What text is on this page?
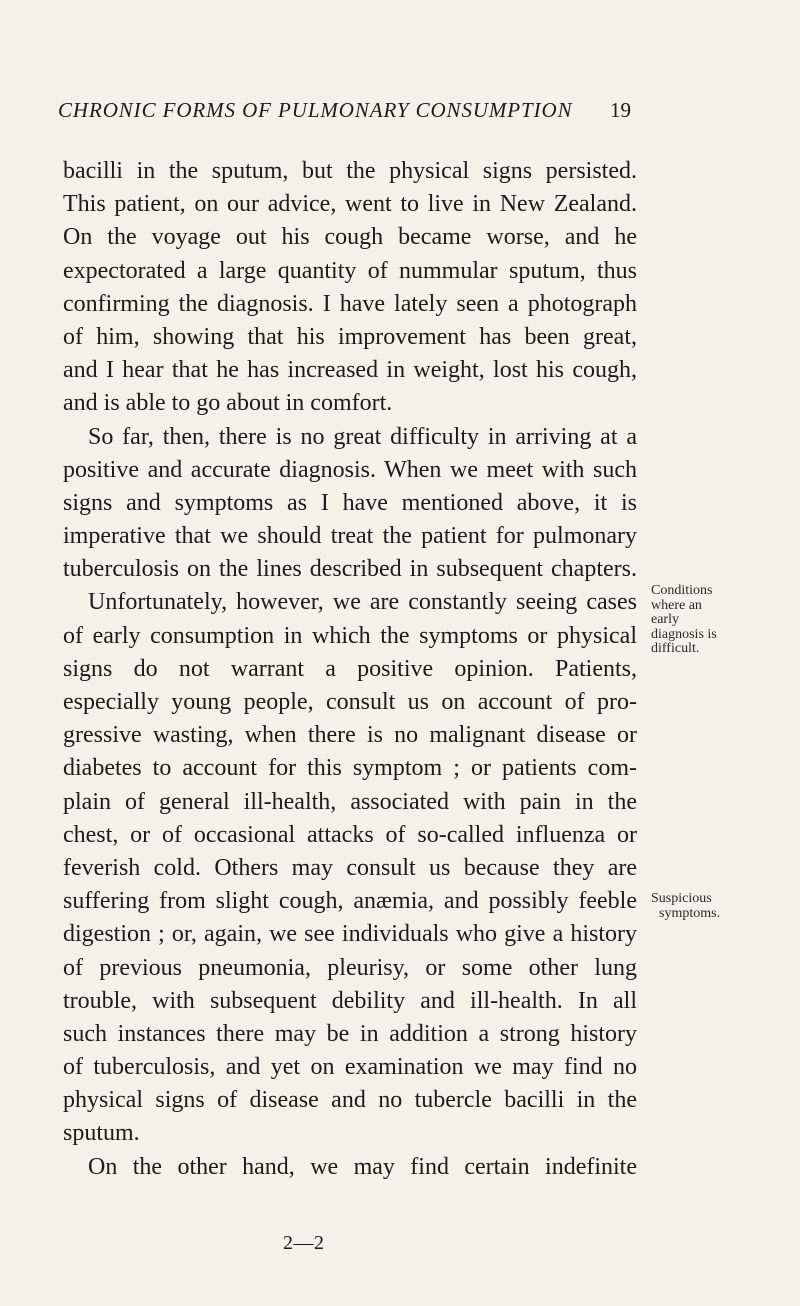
CHRONIC FORMS OF PULMONARY CONSUMPTION	19
bacilli in the sputum, but the physical signs persisted.
This patient, on our advice, went to live in New Zealand.
On the voyage out his cough became worse, and he
expectorated a large quantity of nummular sputum, thus
confirming the diagnosis. I have lately seen a photograph
of him, showing that his improvement has been great,
and I hear that he has increased in weight, lost his cough,
and is able to go about in comfort.
So far, then, there is no great difficulty in arriving at a
positive and accurate diagnosis. When we meet with such
signs and symptoms as I have mentioned above, it is
imperative that we should treat the patient for pulmonary
tuberculosis on the lines described in subsequent chapters.
Unfortunately, however, we are constantly seeing cases
of early consumption in which the symptoms or physical
signs do not warrant a positive opinion. Patients,
especially young people, consult us on account of pro-
gressive wasting, when there is no malignant disease or
diabetes to account for this symptom ; or patients com-
plain of general ill-health, associated with pain in the
chest, or of occasional attacks of so-called influenza or
feverish cold. Others may consult us because they are
suffering from slight cough, anæmia, and possibly feeble
digestion ; or, again, we see individuals who give a history
of previous pneumonia, pleurisy, or some other lung
trouble, with subsequent debility and ill-health. In all
such instances there may be in addition a strong history
of tuberculosis, and yet on examination we may find no
physical signs of disease and no tubercle bacilli in the
sputum.
On the other hand, we may find certain indefinite
Conditions
where an
early
diagnosis is
difficult.
Suspicious
symptoms.
2—2
